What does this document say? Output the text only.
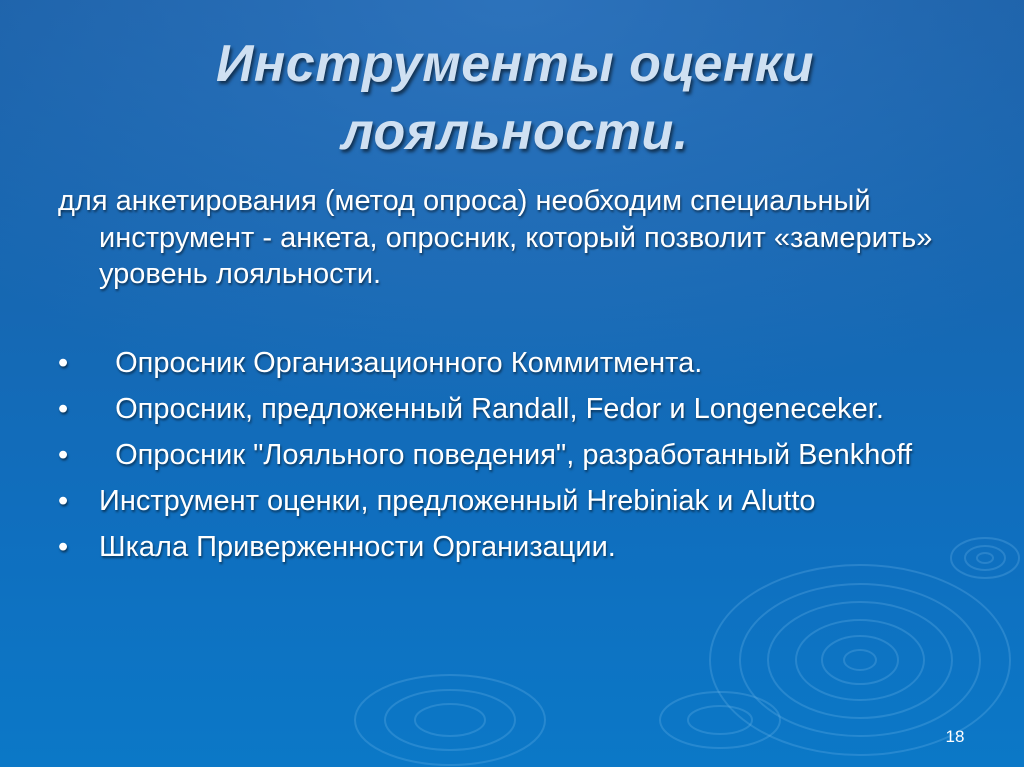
Инструменты оценки
лояльности.

для анкетирования (метод опроса) необходим специальный инструмент - анкета, опросник, который позволит «замерить» уровень лояльности.

•	Опросник Организационного Коммитмента.
•	Опросник, предложенный Randall, Fedor и Longeneceker.
•	Опросник "Лояльного поведения", разработанный Benkhoff
•	Инструмент оценки, предложенный Hrebiniak и Alutto
•	Шкала Приверженности Организации.
18
